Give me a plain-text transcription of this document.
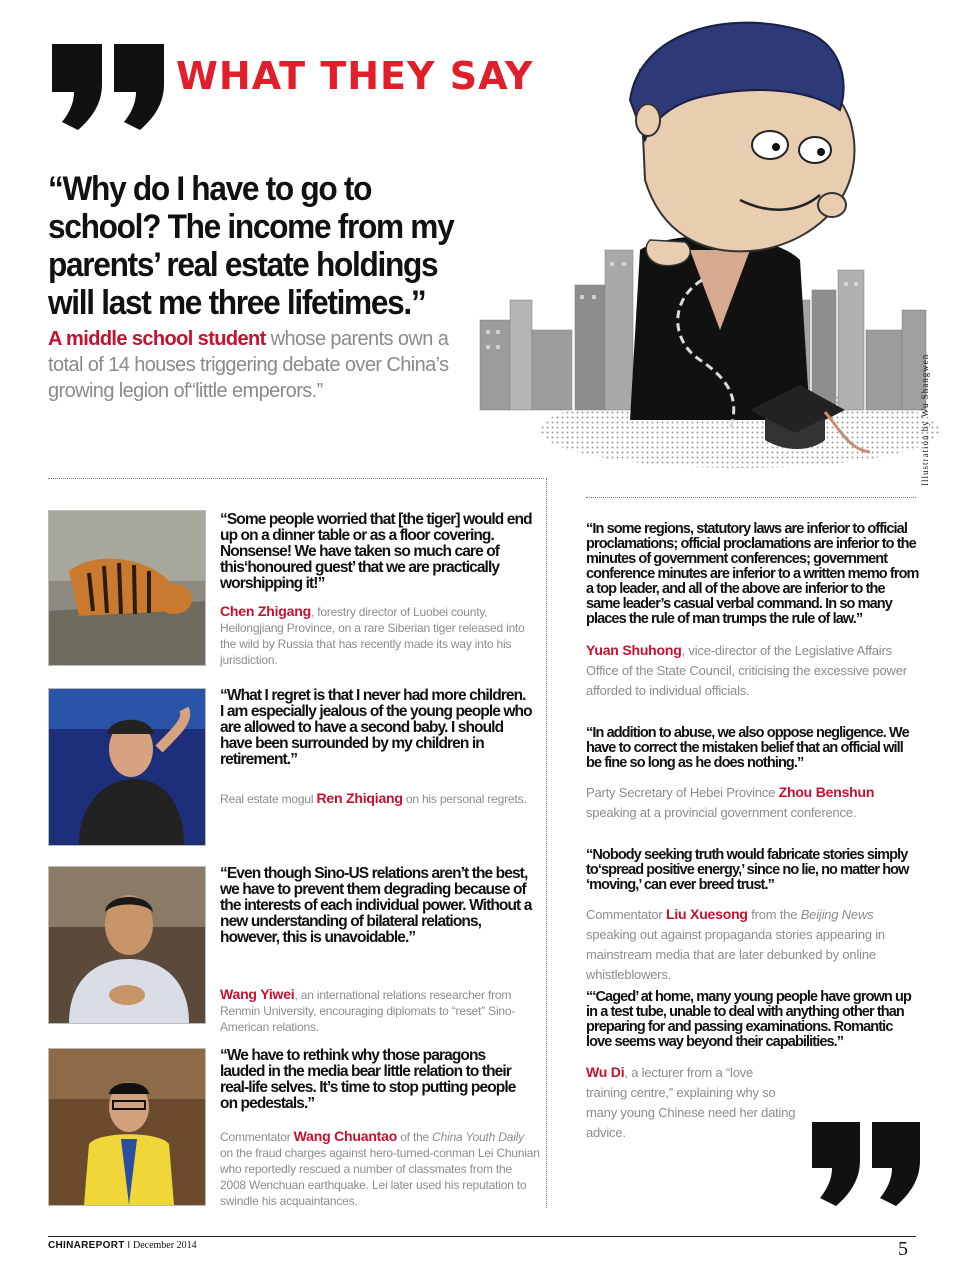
WHAT THEY SAY

“Why do I have to go to school? The income from my parents’ real estate holdings will last me three lifetimes.”

A middle school student whose parents own a total of 14 houses triggering debate over China’s growing legion of“little emperors.”	Illustration by Wu Shangwen

“Some people worried that [the tiger] would end up on a dinner table or as a floor covering. Nonsense! We have taken so much care of this‘honoured guest’ that we are practically worshipping it!”

Chen Zhigang, forestry director of Luobei county, Heilongjiang Province, on a rare Siberian tiger released into the wild by Russia that has recently made its way into his jurisdiction.

“What I regret is that I never had more children. I am especially jealous of the young people who are allowed to have a second baby. I should have been surrounded by my children in retirement.”

Real estate mogul Ren Zhiqiang on his personal regrets.

“Even though Sino-US relations aren’t the best, we have to prevent them degrading because of the interests of each individual power. Without a new understanding of bilateral relations, however, this is unavoidable.”

Wang Yiwei, an international relations researcher from Renmin University, encouraging diplomats to “reset” Sino-American relations.

“We have to rethink why those paragons lauded in the media bear little relation to their real-life selves. It’s time to stop putting people on pedestals.”

Commentator Wang Chuantao of the China Youth Daily on the fraud charges against hero-turned-conman Lei Chunian who reportedly rescued a number of classmates from the 2008 Wenchuan earthquake. Lei later used his reputation to swindle his acquaintances.

“In some regions, statutory laws are inferior to official proclamations; official proclamations are inferior to the minutes of government conferences; government conference minutes are inferior to a written memo from a top leader, and all of the above are inferior to the same leader’s casual verbal command. In so many places the rule of man trumps the rule of law.”

Yuan Shuhong, vice-director of the Legislative Affairs Office of the State Council, criticising the excessive power afforded to individual officials.

“In addition to abuse, we also oppose negligence. We have to correct the mistaken belief that an official will be fine so long as he does nothing.”

Party Secretary of Hebei Province Zhou Benshun speaking at a provincial government conference.

“Nobody seeking truth would fabricate stories simply to‘spread positive energy,’ since no lie, no matter how ‘moving,’ can ever breed trust.”

Commentator Liu Xuesong from the Beijing News speaking out against propaganda stories appearing in mainstream media that are later debunked by online whistleblowers.

“‘Caged’ at home, many young people have grown up in a test tube, unable to deal with anything other than preparing for and passing examinations. Romantic love seems way beyond their capabilities.”

Wu Di, a lecturer from a “love training centre,” explaining why so many young Chinese need her dating advice.

CHINAREPORT I December 2014	5
